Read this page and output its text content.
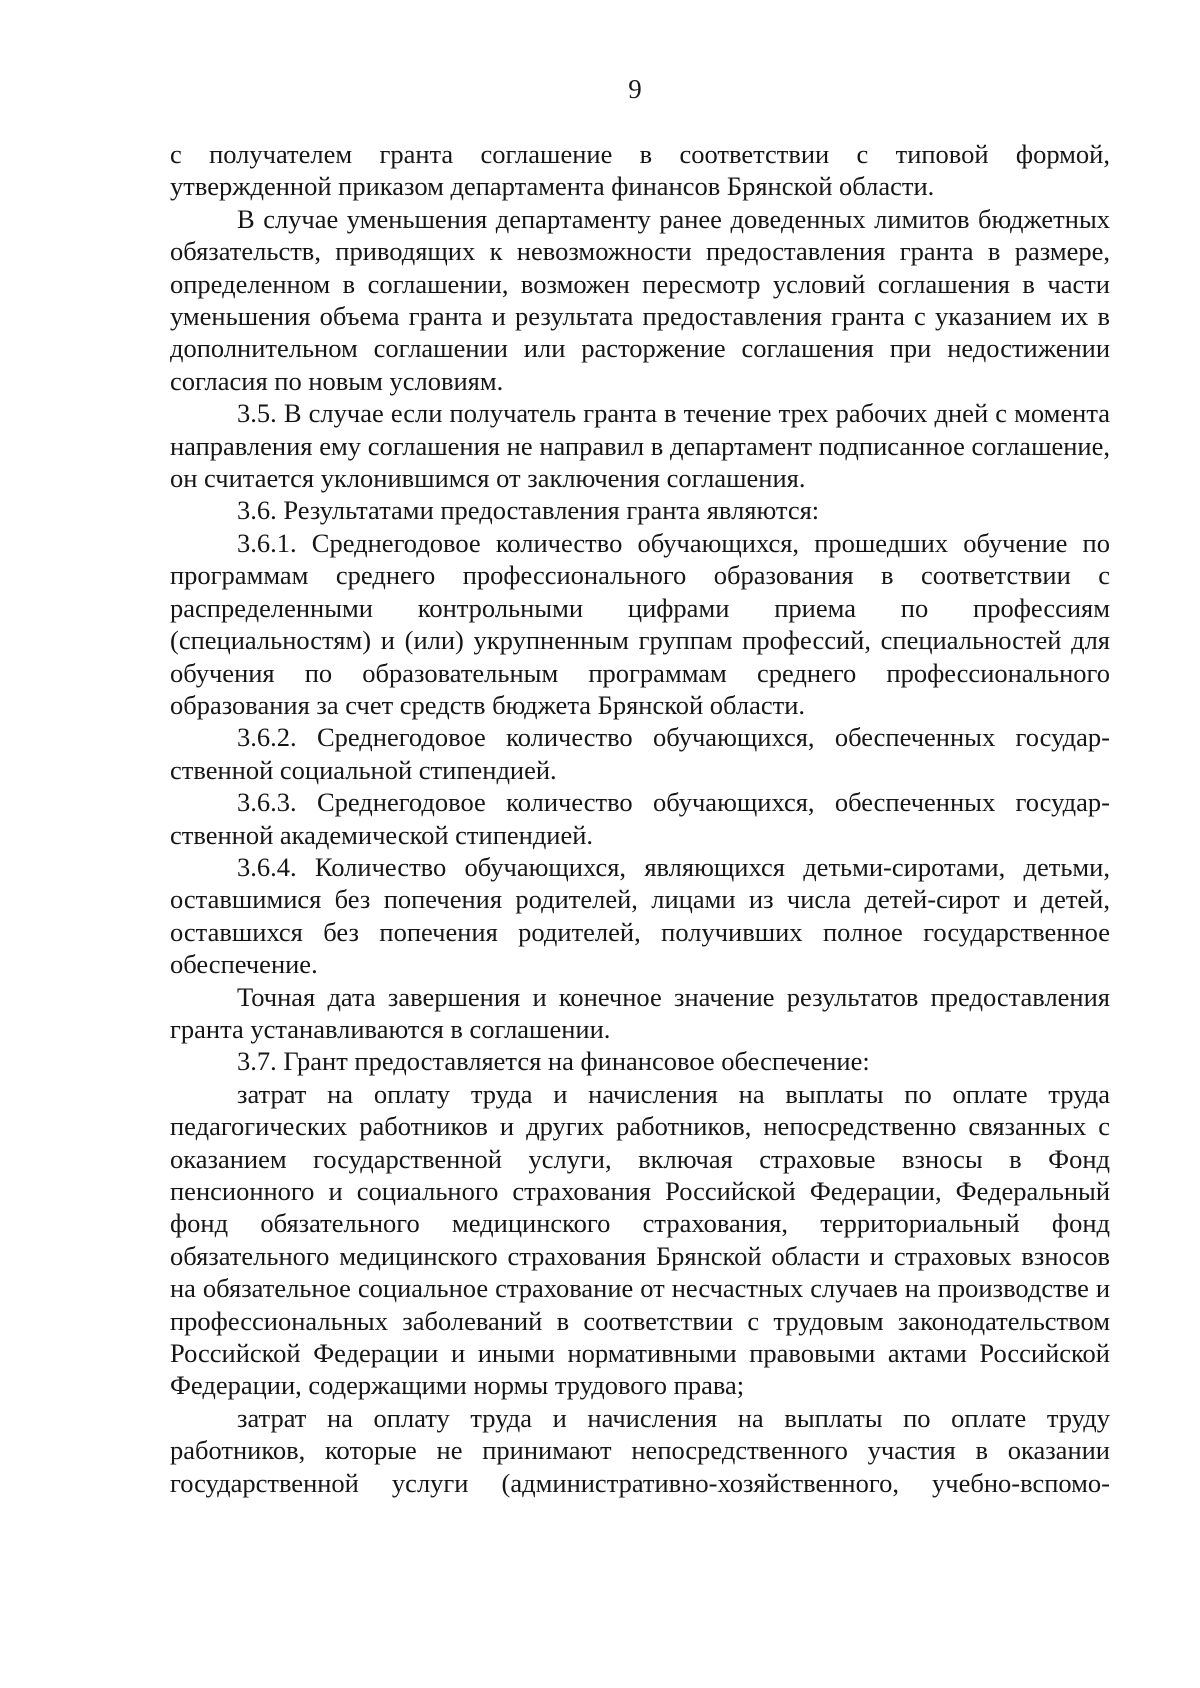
9

с получателем гранта соглашение в соответствии с типовой формой, утвержденной приказом департамента финансов Брянской области.

В случае уменьшения департаменту ранее доведенных лимитов бюджетных обязательств, приводящих к невозможности предоставления гранта в размере, определенном в соглашении, возможен пересмотр условий соглашения в части уменьшения объема гранта и результата предоставления гранта с указанием их в дополнительном соглашении или расторжение соглашения при недостижении согласия по новым условиям.

3.5. В случае если получатель гранта в течение трех рабочих дней с момента направления ему соглашения не направил в департамент подписанное соглашение, он считается уклонившимся от заключения соглашения.

3.6. Результатами предоставления гранта являются:

3.6.1. Среднегодовое количество обучающихся, прошедших обучение по программам среднего профессионального образования в соответствии с распределенными контрольными цифрами приема по профессиям (специальностям) и (или) укрупненным группам профессий, специальностей для обучения по образовательным программам среднего профессионального образования за счет средств бюджета Брянской области.

3.6.2. Среднегодовое количество обучающихся, обеспеченных государственной социальной стипендией.

3.6.3. Среднегодовое количество обучающихся, обеспеченных государственной академической стипендией.

3.6.4. Количество обучающихся, являющихся детьми-сиротами, детьми, оставшимися без попечения родителей, лицами из числа детей-сирот и детей, оставшихся без попечения родителей, получивших полное государственное обеспечение.

Точная дата завершения и конечное значение результатов предоставления гранта устанавливаются в соглашении.

3.7. Грант предоставляется на финансовое обеспечение:

затрат на оплату труда и начисления на выплаты по оплате труда педагогических работников и других работников, непосредственно связанных с оказанием государственной услуги, включая страховые взносы в Фонд пенсионного и социального страхования Российской Федерации, Федеральный фонд обязательного медицинского страхования, территориальный фонд обязательного медицинского страхования Брянской области и страховых взносов на обязательное социальное страхование от несчастных случаев на производстве и профессиональных заболеваний в соответствии с трудовым законодательством Российской Федерации и иными нормативными правовыми актами Российской Федерации, содержащими нормы трудового права;

затрат на оплату труда и начисления на выплаты по оплате труду работников, которые не принимают непосредственного участия в оказании государственной услуги (административно-хозяйственного, учебно-вспомо-
